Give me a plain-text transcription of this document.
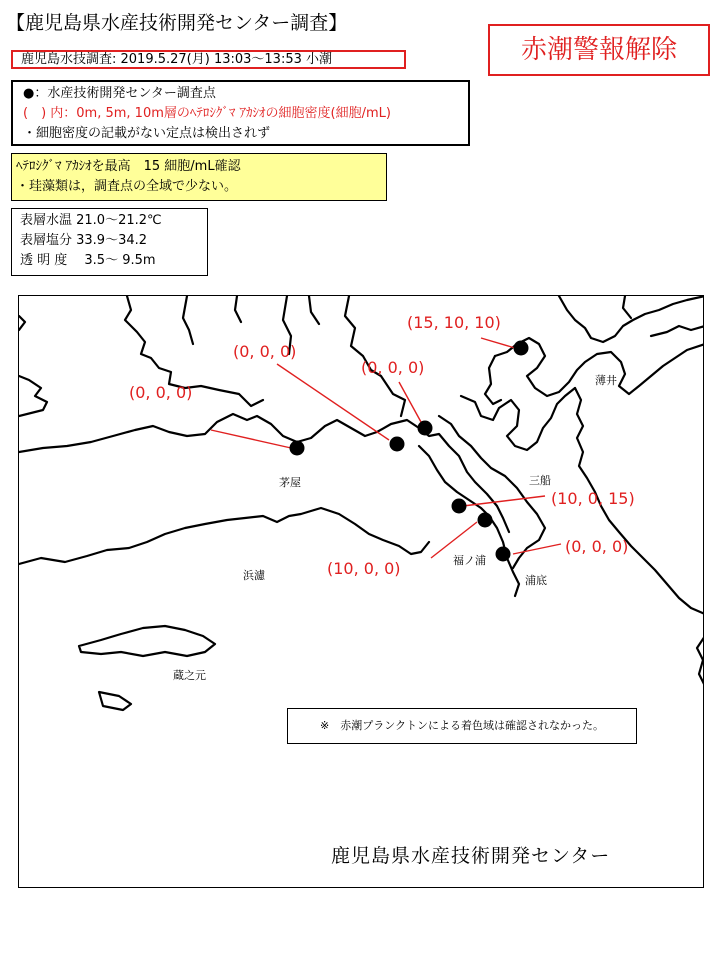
【鹿児島県水産技術開発センター調査】
鹿児島水技調査: 2019.5.27(月) 13:03〜13:53 小潮	赤潮警報解除
●：水産技術開発センター調査点
(　) 内：0m, 5m, 10m層のﾍﾃﾛｼｸﾞﾏ ｱｶｼｵの細胞密度(細胞/mL)
・細胞密度の記載がない定点は検出されず
ﾍﾃﾛｼｸﾞﾏ ｱｶｼｵを最高　15 細胞/mL確認
・珪藻類は，調査点の全域で少ない。
表層水温 21.0〜21.2℃
表層塩分 33.9〜34.2
透 明 度 　3.5〜 9.5m
(15, 10, 10)
(0, 0, 0)
(0, 0, 0)
(0, 0, 0)
(10, 0, 15)
(10, 0, 0)
(0, 0, 0)
茅屋
浜濾
蔵之元
福ノ浦
浦底
三船
薄井
※　赤潮プランクトンによる着色域は確認されなかった。
鹿児島県水産技術開発センター
